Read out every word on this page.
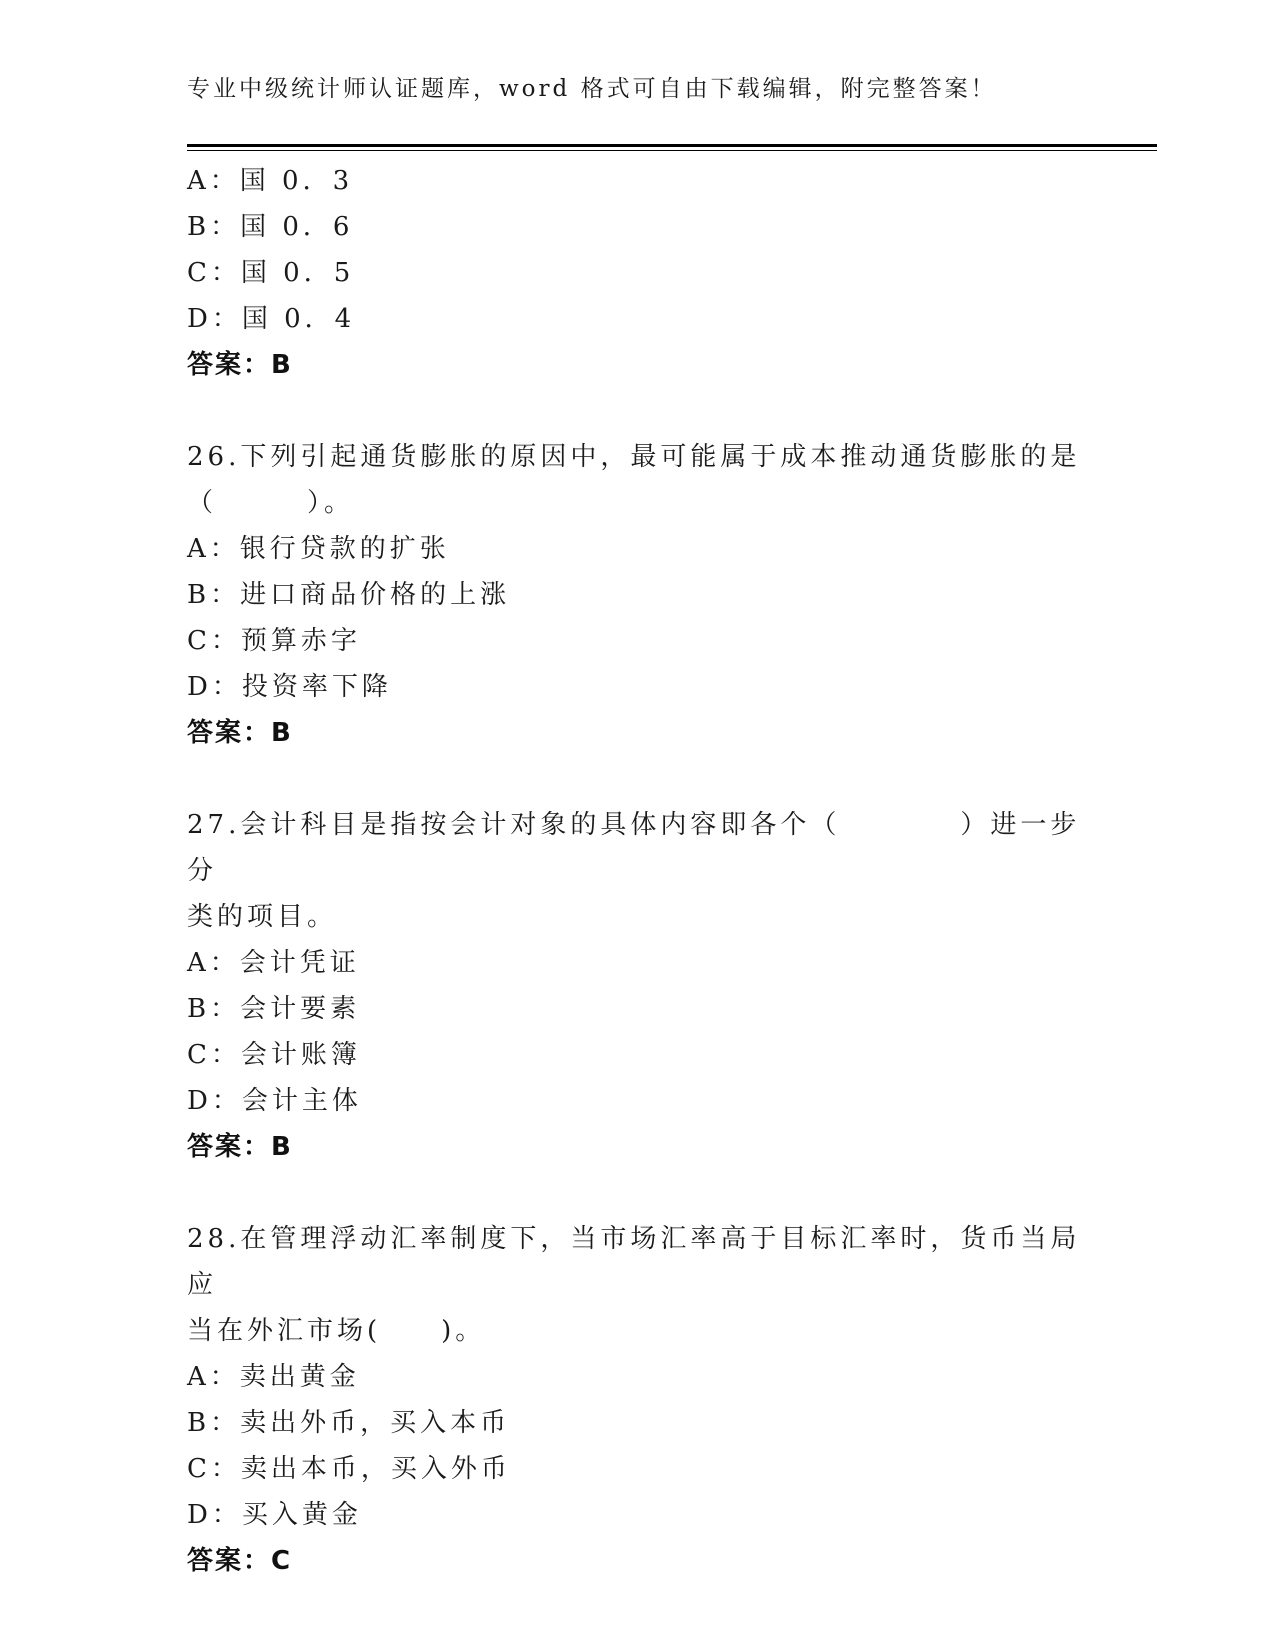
专业中级统计师认证题库，word 格式可自由下载编辑，附完整答案！
A：国 0．3
B：国 0．6
C：国 0．5
D：国 0．4
答案：B
26.下列引起通货膨胀的原因中，最可能属于成本推动通货膨胀的是
（　　　）。
A：银行贷款的扩张
B：进口商品价格的上涨
C：预算赤字
D：投资率下降
答案：B
27.会计科目是指按会计对象的具体内容即各个（　　　　）进一步分
类的项目。
A：会计凭证
B：会计要素
C：会计账簿
D：会计主体
答案：B
28.在管理浮动汇率制度下，当市场汇率高于目标汇率时，货币当局应
当在外汇市场(　　)。
A：卖出黄金
B：卖出外币，买入本币
C：卖出本币，买入外币
D：买入黄金
答案：C
